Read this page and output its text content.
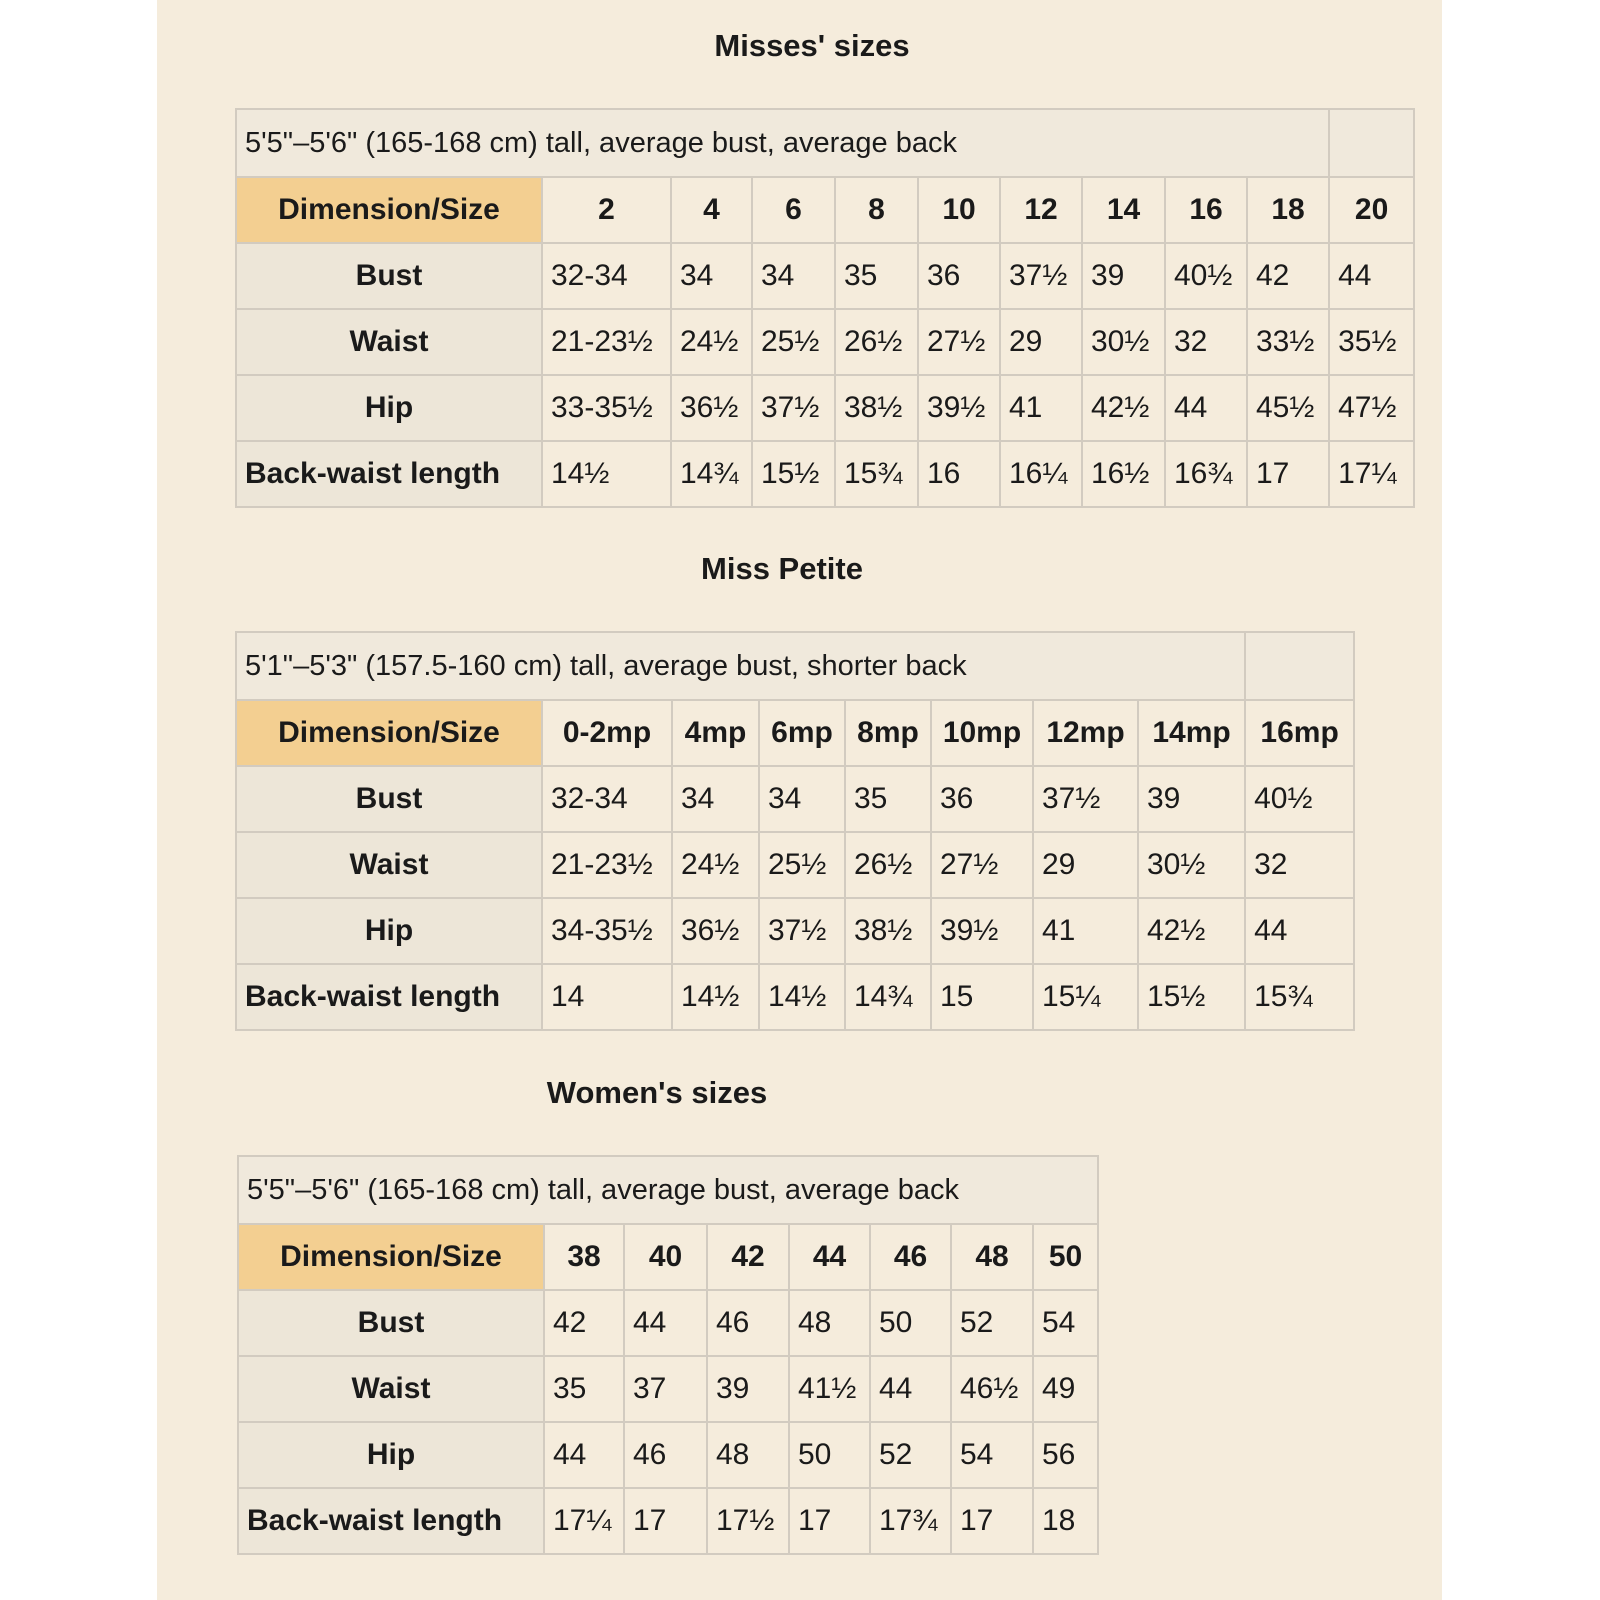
Misses' sizes
5'5"–5'6" (165-168 cm) tall, average bust, average back										
Dimension/Size	2	4	6	8	10	12	14	16	18	20
Bust	32-34	34	34	35	36	37½	39	40½	42	44
Waist	21-23½	24½	25½	26½	27½	29	30½	32	33½	35½
Hip	33-35½	36½	37½	38½	39½	41	42½	44	45½	47½
Back-waist length	14½	14¾	15½	15¾	16	16¼	16½	16¾	17	17¼
Miss Petite
5'1"–5'3" (157.5-160 cm) tall, average bust, shorter back								
Dimension/Size	0-2mp	4mp	6mp	8mp	10mp	12mp	14mp	16mp
Bust	32-34	34	34	35	36	37½	39	40½
Waist	21-23½	24½	25½	26½	27½	29	30½	32
Hip	34-35½	36½	37½	38½	39½	41	42½	44
Back-waist length	14	14½	14½	14¾	15	15¼	15½	15¾
Women's sizes
5'5"–5'6" (165-168 cm) tall, average bust, average back							
Dimension/Size	38	40	42	44	46	48	50
Bust	42	44	46	48	50	52	54
Waist	35	37	39	41½	44	46½	49
Hip	44	46	48	50	52	54	56
Back-waist length	17¼	17	17½	17	17¾	17	18
